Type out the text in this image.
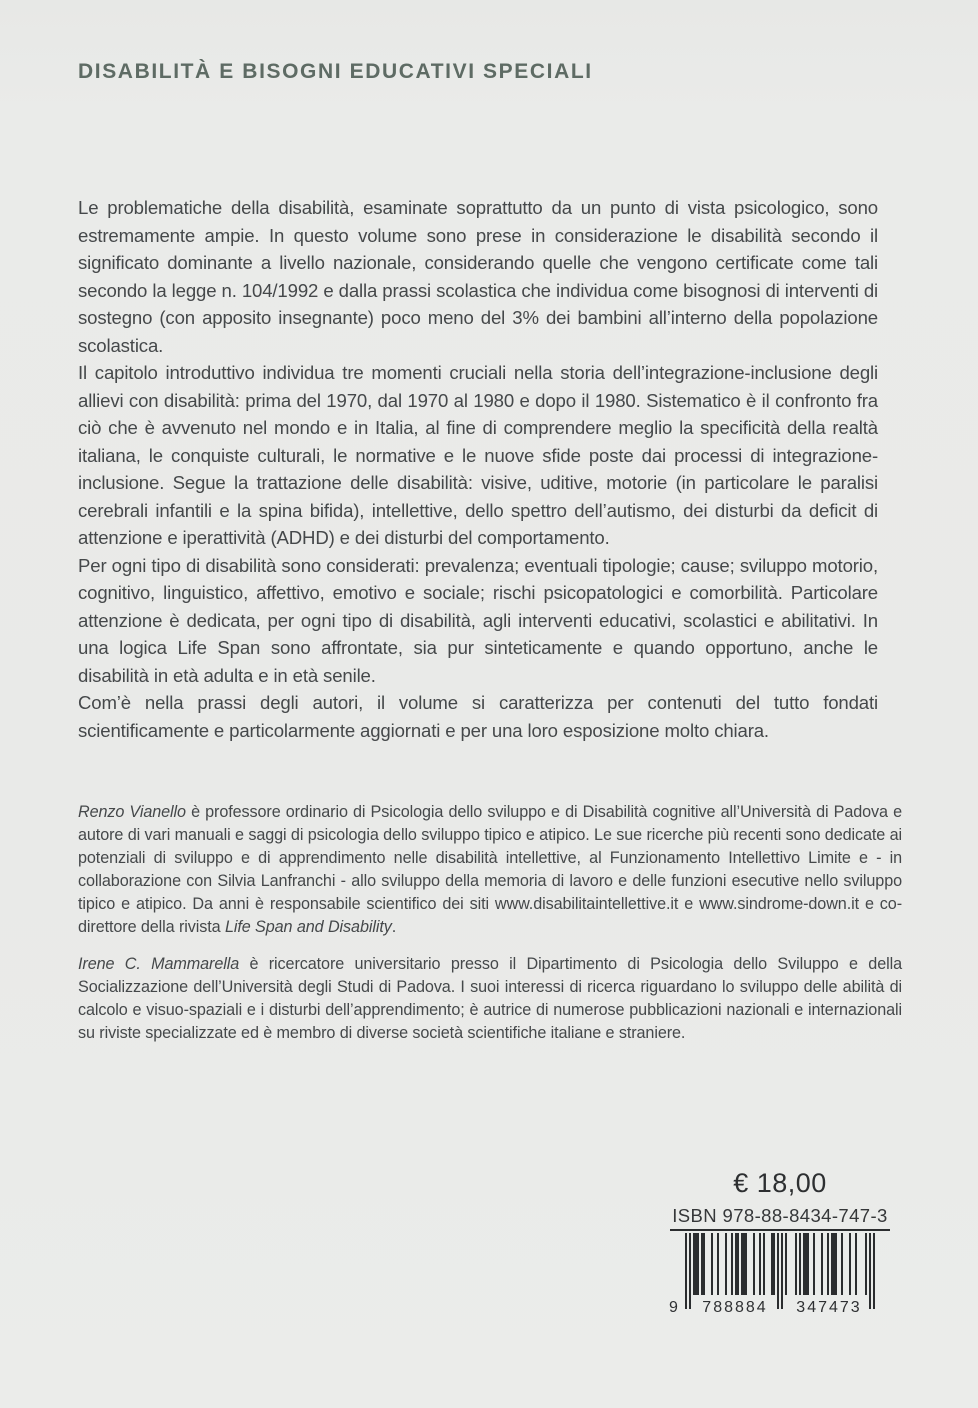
DISABILITÀ E BISOGNI EDUCATIVI SPECIALI

Le problematiche della disabilità, esaminate soprattutto da un punto di vista psicologico, sono estremamente ampie. In questo volume sono prese in considerazione le disabilità secondo il significato dominante a livello nazionale, considerando quelle che vengono certificate come tali secondo la legge n. 104/1992 e dalla prassi scolastica che individua come bisognosi di interventi di sostegno (con apposito insegnante) poco meno del 3% dei bambini all’interno della popolazione scolastica.

Il capitolo introduttivo individua tre momenti cruciali nella storia dell’integrazione-inclusione degli allievi con disabilità: prima del 1970, dal 1970 al 1980 e dopo il 1980. Sistematico è il confronto fra ciò che è avvenuto nel mondo e in Italia, al fine di comprendere meglio la specificità della realtà italiana, le conquiste culturali, le normative e le nuove sfide poste dai processi di integrazione-inclusione. Segue la trattazione delle disabilità: visive, uditive, motorie (in particolare le paralisi cerebrali infantili e la spina bifida), intellettive, dello spettro dell’autismo, dei disturbi da deficit di attenzione e iperattività (ADHD) e dei disturbi del comportamento.

Per ogni tipo di disabilità sono considerati: prevalenza; eventuali tipologie; cause; sviluppo motorio, cognitivo, linguistico, affettivo, emotivo e sociale; rischi psicopatologici e comorbilità. Particolare attenzione è dedicata, per ogni tipo di disabilità, agli interventi educativi, scolastici e abilitativi. In una logica Life Span sono affrontate, sia pur sinteticamente e quando opportuno, anche le disabilità in età adulta e in età senile.

Com’è nella prassi degli autori, il volume si caratterizza per contenuti del tutto fondati scientificamente e particolarmente aggiornati e per una loro esposizione molto chiara.

Renzo Vianello è professore ordinario di Psicologia dello sviluppo e di Disabilità cognitive all’Università di Padova e autore di vari manuali e saggi di psicologia dello sviluppo tipico e atipico. Le sue ricerche più recenti sono dedicate ai potenziali di sviluppo e di apprendimento nelle disabilità intellettive, al Funzionamento Intellettivo Limite e - in collaborazione con Silvia Lanfranchi - allo sviluppo della memoria di lavoro e delle funzioni esecutive nello sviluppo tipico e atipico. Da anni è responsabile scientifico dei siti www.disabilitaintellettive.it e www.sindrome-down.it e co-direttore della rivista Life Span and Disability.

Irene C. Mammarella è ricercatore universitario presso il Dipartimento di Psicologia dello Sviluppo e della Socializzazione dell’Università degli Studi di Padova. I suoi interessi di ricerca riguardano lo sviluppo delle abilità di calcolo e visuo-spaziali e i disturbi dell’apprendimento; è autrice di numerose pubblicazioni nazionali e internazionali su riviste specializzate ed è membro di diverse società scientifiche italiane e straniere.

€ 18,00
ISBN 978-88-8434-747-3
9	788884	347473
